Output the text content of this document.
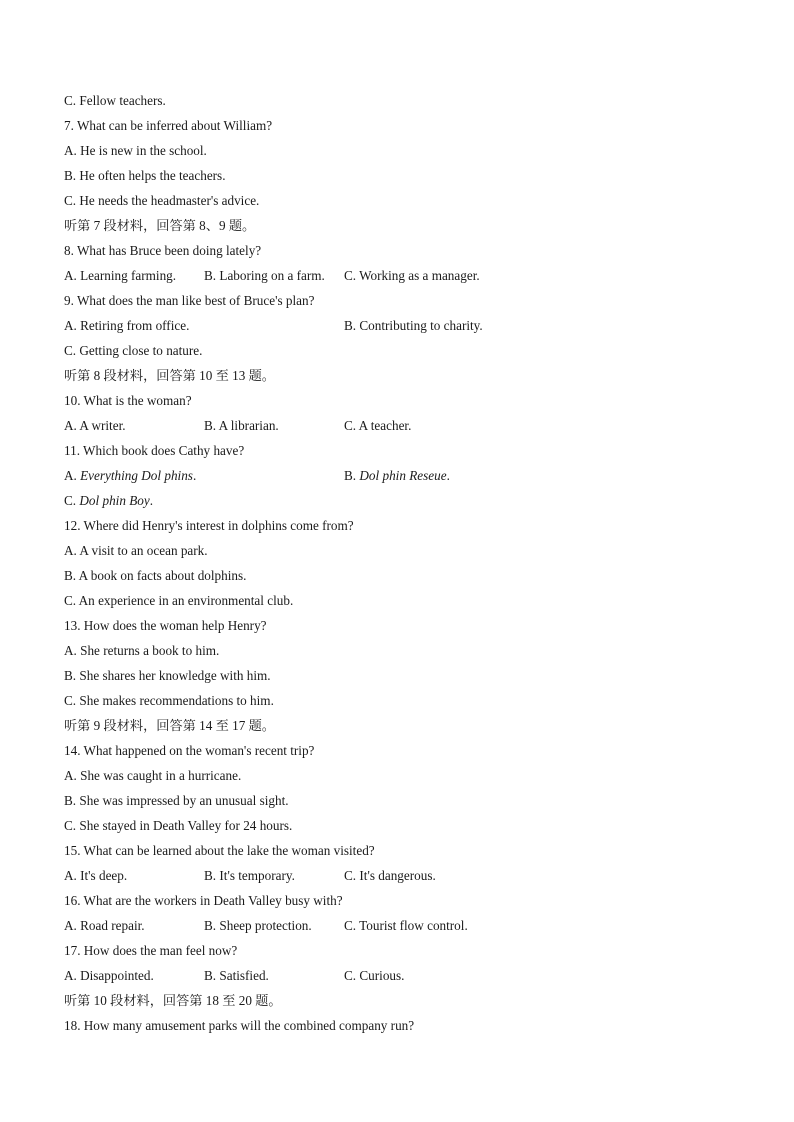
C. Fellow teachers.
7. What can be inferred about William?
A. He is new in the school.
B. He often helps the teachers.
C. He needs the headmaster's advice.
听第 7 段材料，回答第 8、9 题。
8. What has Bruce been doing lately?
A. Learning farming. B. Laboring on a farm. C. Working as a manager.
9. What does the man like best of Bruce's plan?
A. Retiring from office.	B. Contributing to charity.
C. Getting close to nature.
听第 8 段材料，回答第 10 至 13 题。
10. What is the woman?
A. A writer.	B. A librarian.	C. A teacher.
11. Which book does Cathy have?
A. Everything Dol phins.	B. Dol phin Reseue.
C. Dol phin Boy.
12. Where did Henry's interest in dolphins come from?
A. A visit to an ocean park.
B. A book on facts about dolphins.
C. An experience in an environmental club.
13. How does the woman help Henry?
A. She returns a book to him.
B. She shares her knowledge with him.
C. She makes recommendations to him.
听第 9 段材料，回答第 14 至 17 题。
14. What happened on the woman's recent trip?
A. She was caught in a hurricane.
B. She was impressed by an unusual sight.
C. She stayed in Death Valley for 24 hours.
15. What can be learned about the lake the woman visited?
A. It's deep.	B. It's temporary.	C. It's dangerous.
16. What are the workers in Death Valley busy with?
A. Road repair.	B. Sheep protection. C. Tourist flow control.
17. How does the man feel now?
A. Disappointed.	B. Satisfied.	C. Curious.
听第 10 段材料，回答第 18 至 20 题。
18. How many amusement parks will the combined company run?
